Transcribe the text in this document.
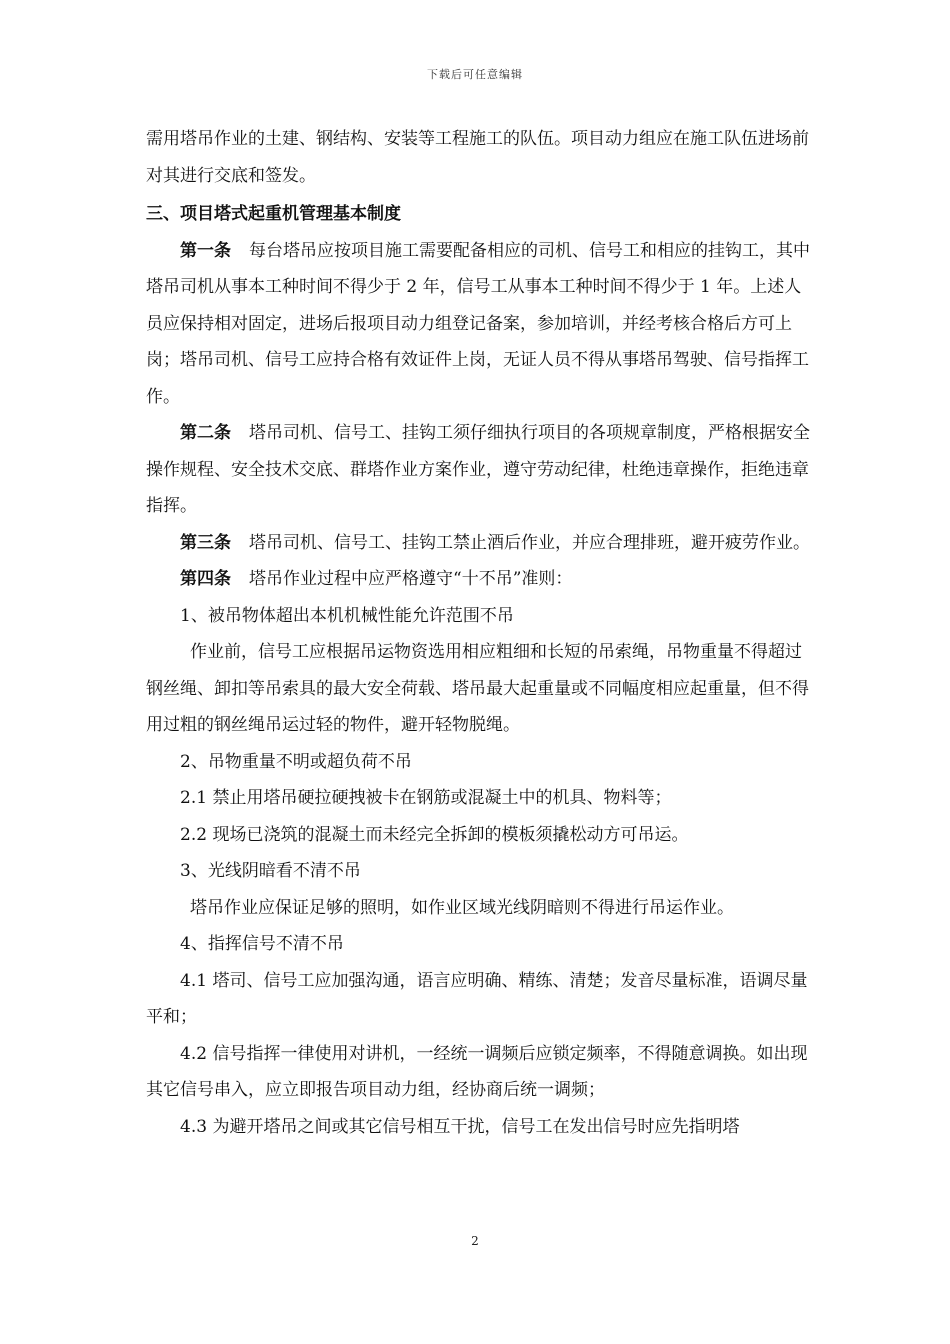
下载后可任意编辑

需用塔吊作业的土建、钢结构、安装等工程施工的队伍。项目动力组应在施工队伍进场前对其进行交底和签发。

三、项目塔式起重机管理基本制度

第一条 每台塔吊应按项目施工需要配备相应的司机、信号工和相应的挂钩工，其中塔吊司机从事本工种时间不得少于 2 年，信号工从事本工种时间不得少于 1 年。上述人员应保持相对固定，进场后报项目动力组登记备案，参加培训，并经考核合格后方可上岗；塔吊司机、信号工应持合格有效证件上岗，无证人员不得从事塔吊驾驶、信号指挥工作。

第二条 塔吊司机、信号工、挂钩工须仔细执行项目的各项规章制度，严格根据安全操作规程、安全技术交底、群塔作业方案作业，遵守劳动纪律，杜绝违章操作，拒绝违章指挥。

第三条 塔吊司机、信号工、挂钩工禁止酒后作业，并应合理排班，避开疲劳作业。

第四条 塔吊作业过程中应严格遵守“十不吊”准则：

1、被吊物体超出本机机械性能允许范围不吊

作业前，信号工应根据吊运物资选用相应粗细和长短的吊索绳，吊物重量不得超过钢丝绳、卸扣等吊索具的最大安全荷载、塔吊最大起重量或不同幅度相应起重量，但不得用过粗的钢丝绳吊运过轻的物件，避开轻物脱绳。

2、吊物重量不明或超负荷不吊

2.1 禁止用塔吊硬拉硬拽被卡在钢筋或混凝土中的机具、物料等；

2.2 现场已浇筑的混凝土而未经完全拆卸的模板须撬松动方可吊运。

3、光线阴暗看不清不吊

塔吊作业应保证足够的照明，如作业区域光线阴暗则不得进行吊运作业。

4、指挥信号不清不吊

4.1 塔司、信号工应加强沟通，语言应明确、精练、清楚；发音尽量标准，语调尽量平和；

4.2 信号指挥一律使用对讲机，一经统一调频后应锁定频率，不得随意调换。如出现其它信号串入，应立即报告项目动力组，经协商后统一调频；

4.3 为避开塔吊之间或其它信号相互干扰，信号工在发出信号时应先指明塔

2
